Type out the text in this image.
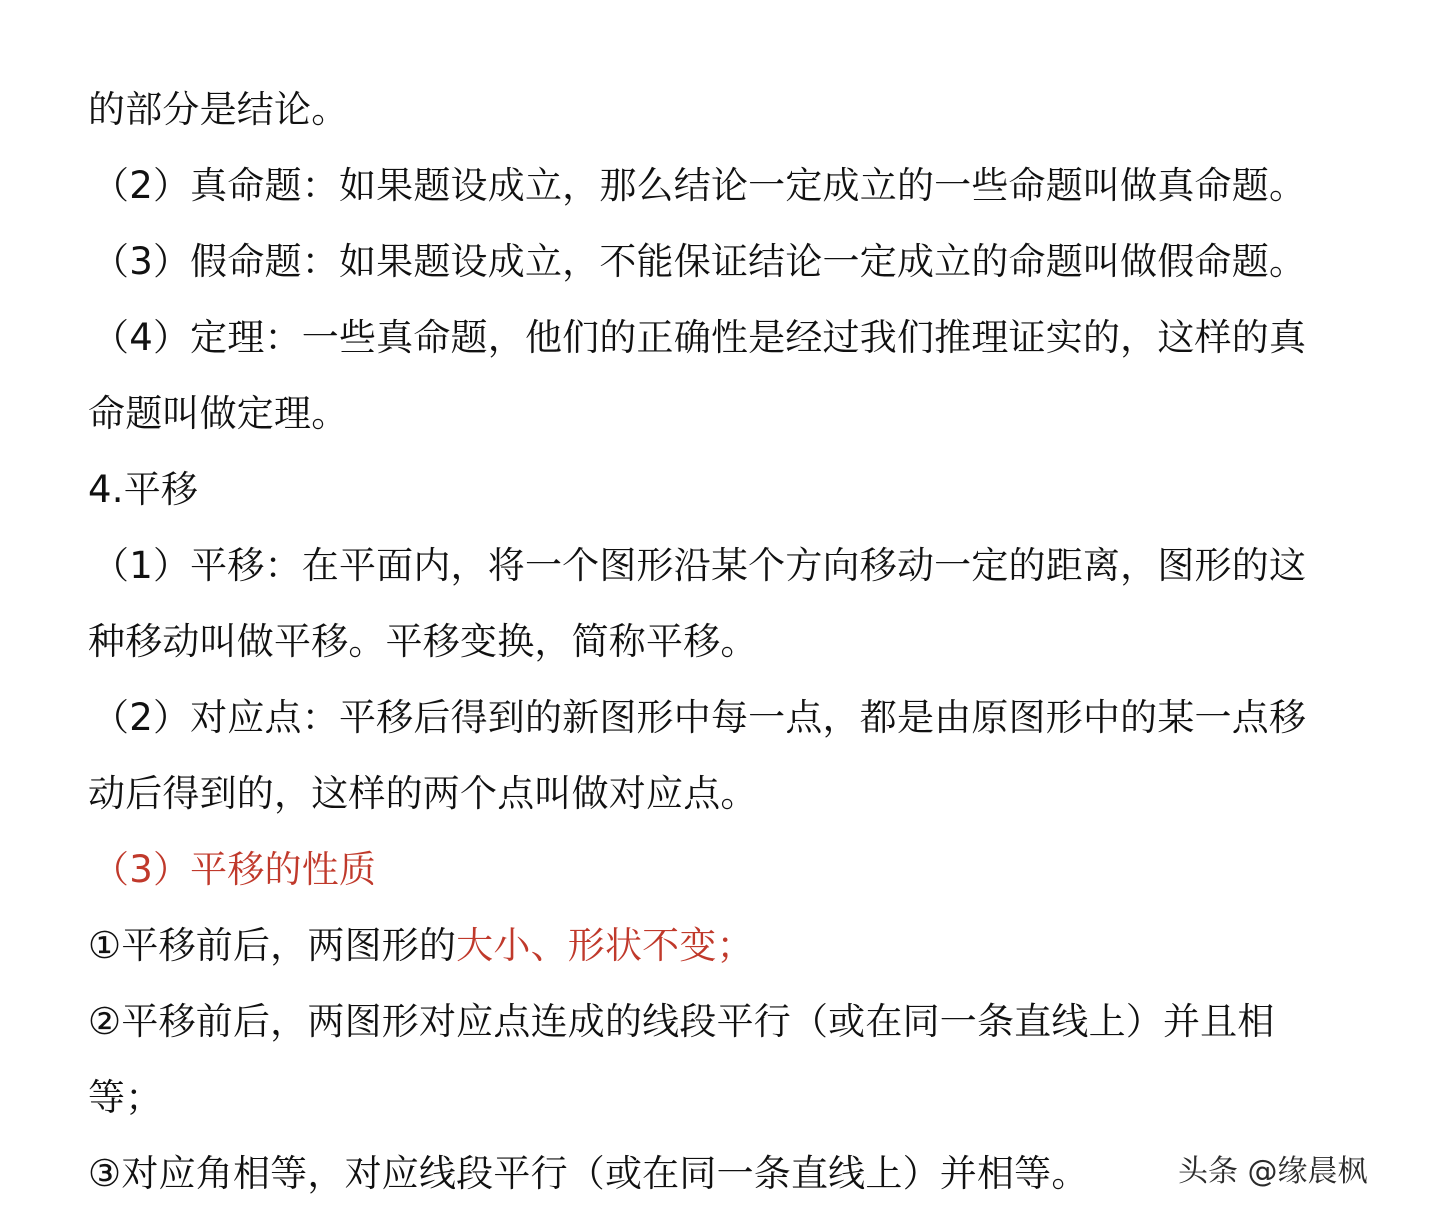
的部分是结论。
（2）真命题：如果题设成立，那么结论一定成立的一些命题叫做真命题。
（3）假命题：如果题设成立，不能保证结论一定成立的命题叫做假命题。
（4）定理：一些真命题，他们的正确性是经过我们推理证实的，这样的真
命题叫做定理。
4.平移
（1）平移：在平面内，将一个图形沿某个方向移动一定的距离，图形的这
种移动叫做平移。平移变换，简称平移。
（2）对应点：平移后得到的新图形中每一点，都是由原图形中的某一点移
动后得到的，这样的两个点叫做对应点。
（3）平移的性质
①平移前后，两图形的大小、形状不变；
②平移前后，两图形对应点连成的线段平行（或在同一条直线上）并且相
等；
③对应角相等，对应线段平行（或在同一条直线上）并相等。	头条 @缘晨枫
